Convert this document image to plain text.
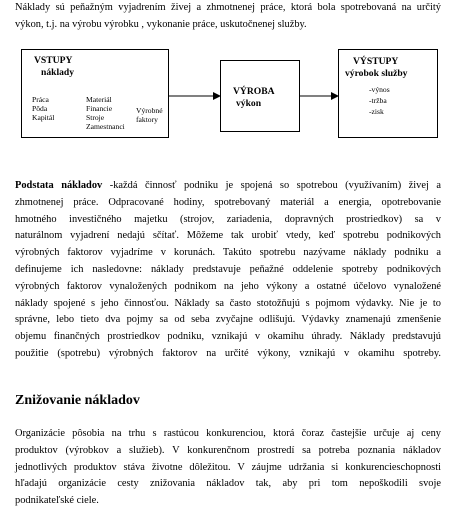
Náklady sú peňažným vyjadrením živej a zhmotnenej práce, ktorá bola spotrebovaná na určitý
výkon, t.j. na výrobu výrobku , vykonanie práce, uskutočnenej služby.
VSTUPY
náklady
Práca
Pôda
Kapitál
Materiál
Financie
Stroje
Zamestnanci
Výrobné
faktory
VÝROBA
výkon
VÝSTUPY
výrobok služby
-výnos
-tržba
-zisk
Podstata nákladov -každá činnosť podniku je spojená so spotrebou (využívaním) živej a
zhmotnenej práce. Odpracované hodiny, spotrebovaný materiál a energia, opotrebovanie
hmotného investičného majetku (strojov, zariadenia, dopravných prostriedkov) sa v
naturálnom vyjadrení nedajú sčítať. Môžeme tak urobiť vtedy, keď spotrebu podnikových
výrobných faktorov vyjadríme v korunách. Takúto spotrebu nazývame náklady podniku a
definujeme ich nasledovne: náklady predstavuje peňažné oddelenie spotreby podnikových
výrobných faktorov vynaložených podnikom na jeho výkony a ostatné účelovo vynaložené
náklady spojené s jeho činnosťou. Náklady sa často stotožňujú s pojmom výdavky. Nie je to
správne, lebo tieto dva pojmy sa od seba zvyčajne odlišujú. Výdavky znamenajú zmenšenie
objemu finančných prostriedkov podniku, vznikajú v okamihu úhrady. Náklady predstavujú
použitie (spotrebu) výrobných faktorov na určité výkony, vznikajú v okamihu spotreby.
Znižovanie nákladov
Organizácie pôsobia na trhu s rastúcou konkurenciou, ktorá čoraz častejšie určuje aj ceny
produktov (výrobkov a služieb). V konkurenčnom prostredí sa potreba poznania nákladov
jednotlivých produktov stáva životne dôležitou. V záujme udržania si konkurencieschopnosti
hľadajú organizácie cesty znižovania nákladov tak, aby pri tom nepoškodili svoje
podnikateľské ciele.
